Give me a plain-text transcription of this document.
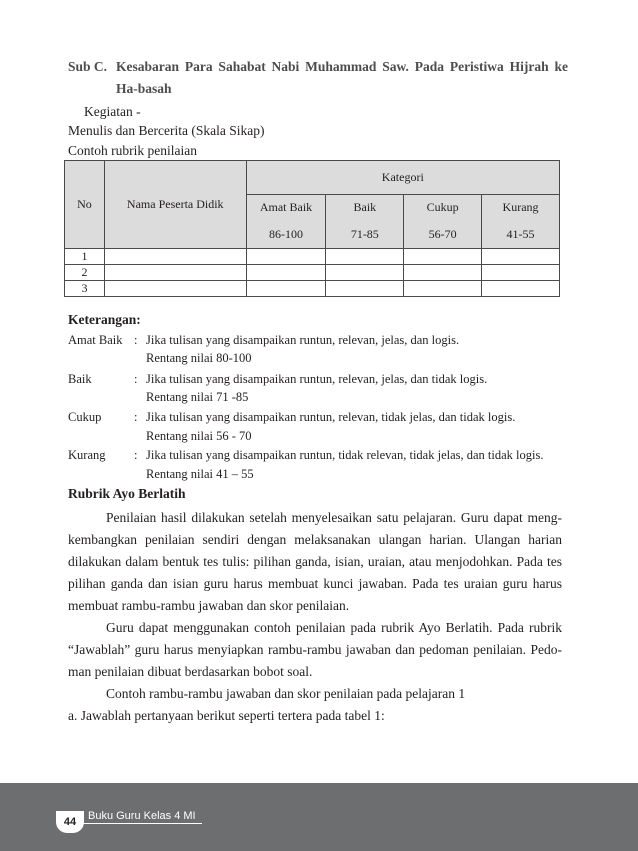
Sub C. Kesabaran Para Sahabat Nabi Muhammad Saw. Pada Peristiwa Hijrah ke Ha-basah
Kegiatan -
Menulis dan Bercerita (Skala Sikap)
Contoh rubrik penilaian
No	Nama Peserta Didik	Kategori			
		Amat Baik	Baik	Cukup	Kurang
		86-100	71-85	56-70	41-55
1					
2					
3					
Keterangan:
Amat Baik : Jika tulisan yang disampaikan runtun, relevan, jelas, dan logis.
Rentang nilai 80-100
Baik	: Jika tulisan yang disampaikan runtun, relevan, jelas, dan tidak logis.
Rentang nilai 71 -85
Cukup	: Jika tulisan yang disampaikan runtun, relevan, tidak jelas, dan tidak logis.
Rentang nilai 56 - 70
Kurang : Jika tulisan yang disampaikan runtun, tidak relevan, tidak jelas, dan tidak logis.
Rentang nilai 41 – 55
Rubrik Ayo Berlatih
Penilaian hasil dilakukan setelah menyelesaikan satu pelajaran. Guru dapat meng-kembangkan penilaian sendiri dengan melaksanakan ulangan harian. Ulangan harian dilakukan dalam bentuk tes tulis: pilihan ganda, isian, uraian, atau menjodohkan. Pada tes pilihan ganda dan isian guru harus membuat kunci jawaban. Pada tes uraian guru harus membuat rambu-rambu jawaban dan skor penilaian.
Guru dapat menggunakan contoh penilaian pada rubrik Ayo Berlatih. Pada rubrik “Jawablah” guru harus menyiapkan rambu-rambu jawaban dan pedoman penilaian. Pedo-man penilaian dibuat berdasarkan bobot soal.
Contoh rambu-rambu jawaban dan skor penilaian pada pelajaran 1
a. Jawablah pertanyaan berikut seperti tertera pada tabel 1:
44	Buku Guru Kelas 4 MI
